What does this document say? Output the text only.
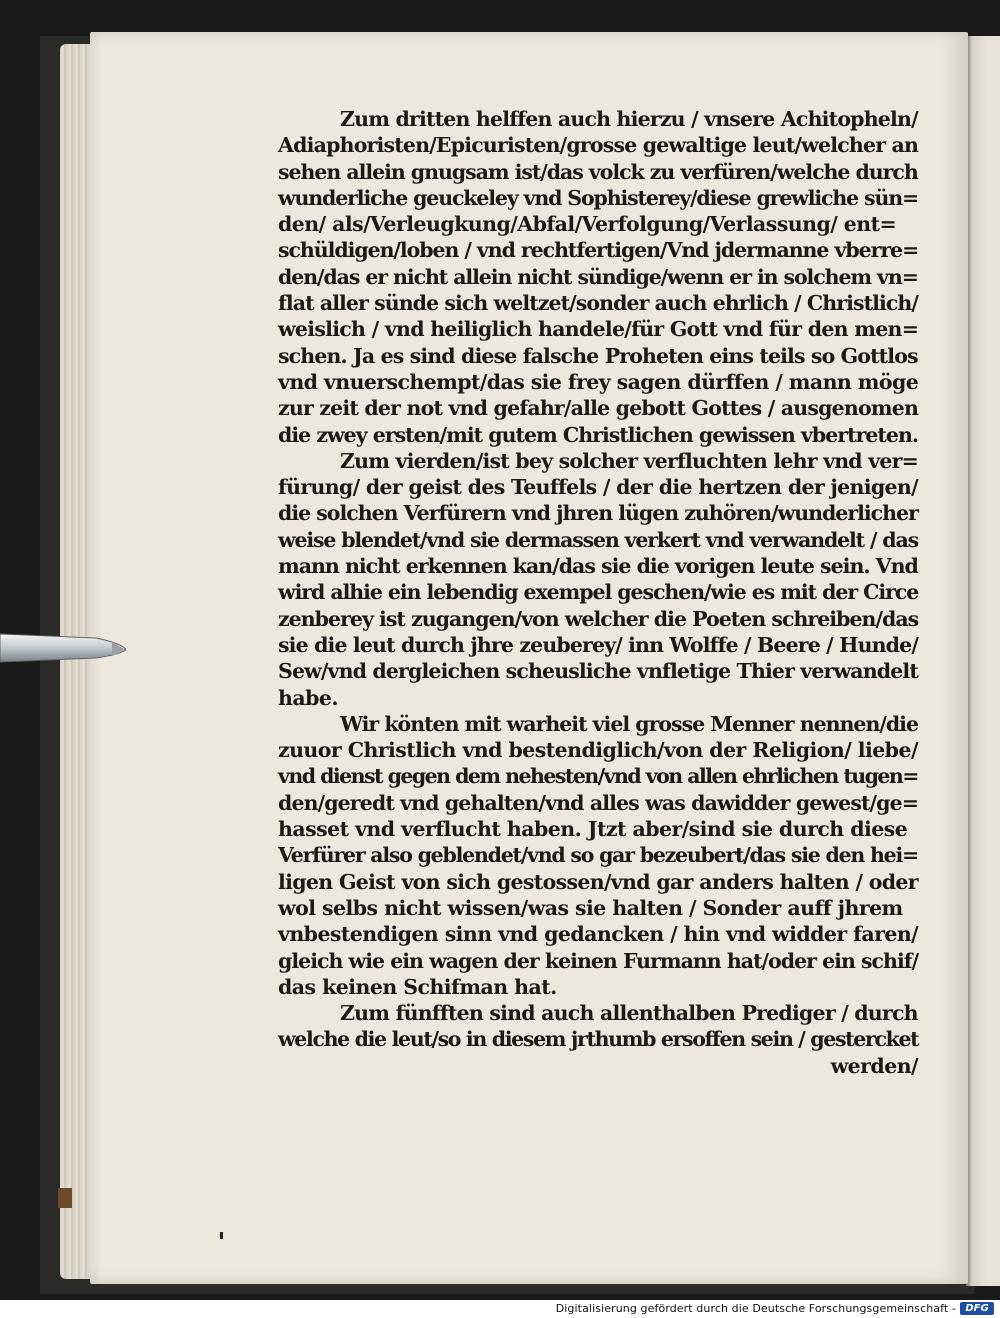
Zum dritten helffen auch hierzu / vnsere Achitopheln/
Adiaphoristen/Epicuristen/grosse gewaltige leut/welcher an
sehen allein gnugsam ist/das volck zu verfüren/welche durch
wunderliche geuckeley vnd Sophisterey/diese grewliche sün=
den/ als/Verleugkung/Abfal/Verfolgung/Verlassung/ ent=
schüldigen/loben / vnd rechtfertigen/Vnd jdermanne vberre=
den/das er nicht allein nicht sündige/wenn er in solchem vn=
flat aller sünde sich weltzet/sonder auch ehrlich / Christlich/
weislich / vnd heiliglich handele/für Gott vnd für den men=
schen. Ja es sind diese falsche Proheten eins teils so Gottlos
vnd vnuerschempt/das sie frey sagen dürffen / mann möge
zur zeit der not vnd gefahr/alle gebott Gottes / ausgenomen
die zwey ersten/mit gutem Christlichen gewissen vbertreten.
Zum vierden/ist bey solcher verfluchten lehr vnd ver=
fürung/ der geist des Teuffels / der die hertzen der jenigen/
die solchen Verfürern vnd jhren lügen zuhören/wunderlicher
weise blendet/vnd sie dermassen verkert vnd verwandelt / das
mann nicht erkennen kan/das sie die vorigen leute sein. Vnd
wird alhie ein lebendig exempel geschen/wie es mit der Circe
zenberey ist zugangen/von welcher die Poeten schreiben/das
sie die leut durch jhre zeuberey/ inn Wolffe / Beere / Hunde/
Sew/vnd dergleichen scheusliche vnfletige Thier verwandelt
habe.
Wir könten mit warheit viel grosse Menner nennen/die
zuuor Christlich vnd bestendiglich/von der Religion/ liebe/
vnd dienst gegen dem nehesten/vnd von allen ehrlichen tugen=
den/geredt vnd gehalten/vnd alles was dawidder gewest/ge=
hasset vnd verflucht haben. Jtzt aber/sind sie durch diese
Verfürer also geblendet/vnd so gar bezeubert/das sie den hei=
ligen Geist von sich gestossen/vnd gar anders halten / oder
wol selbs nicht wissen/was sie halten / Sonder auff jhrem
vnbestendigen sinn vnd gedancken / hin vnd widder faren/
gleich wie ein wagen der keinen Furmann hat/oder ein schif/
das keinen Schifman hat.
Zum fünfften sind auch allenthalben Prediger / durch
welche die leut/so in diesem jrthumb ersoffen sein / gestercket
werden/
Digitalisierung gefördert durch die Deutsche Forschungsgemeinschaft - DFG
